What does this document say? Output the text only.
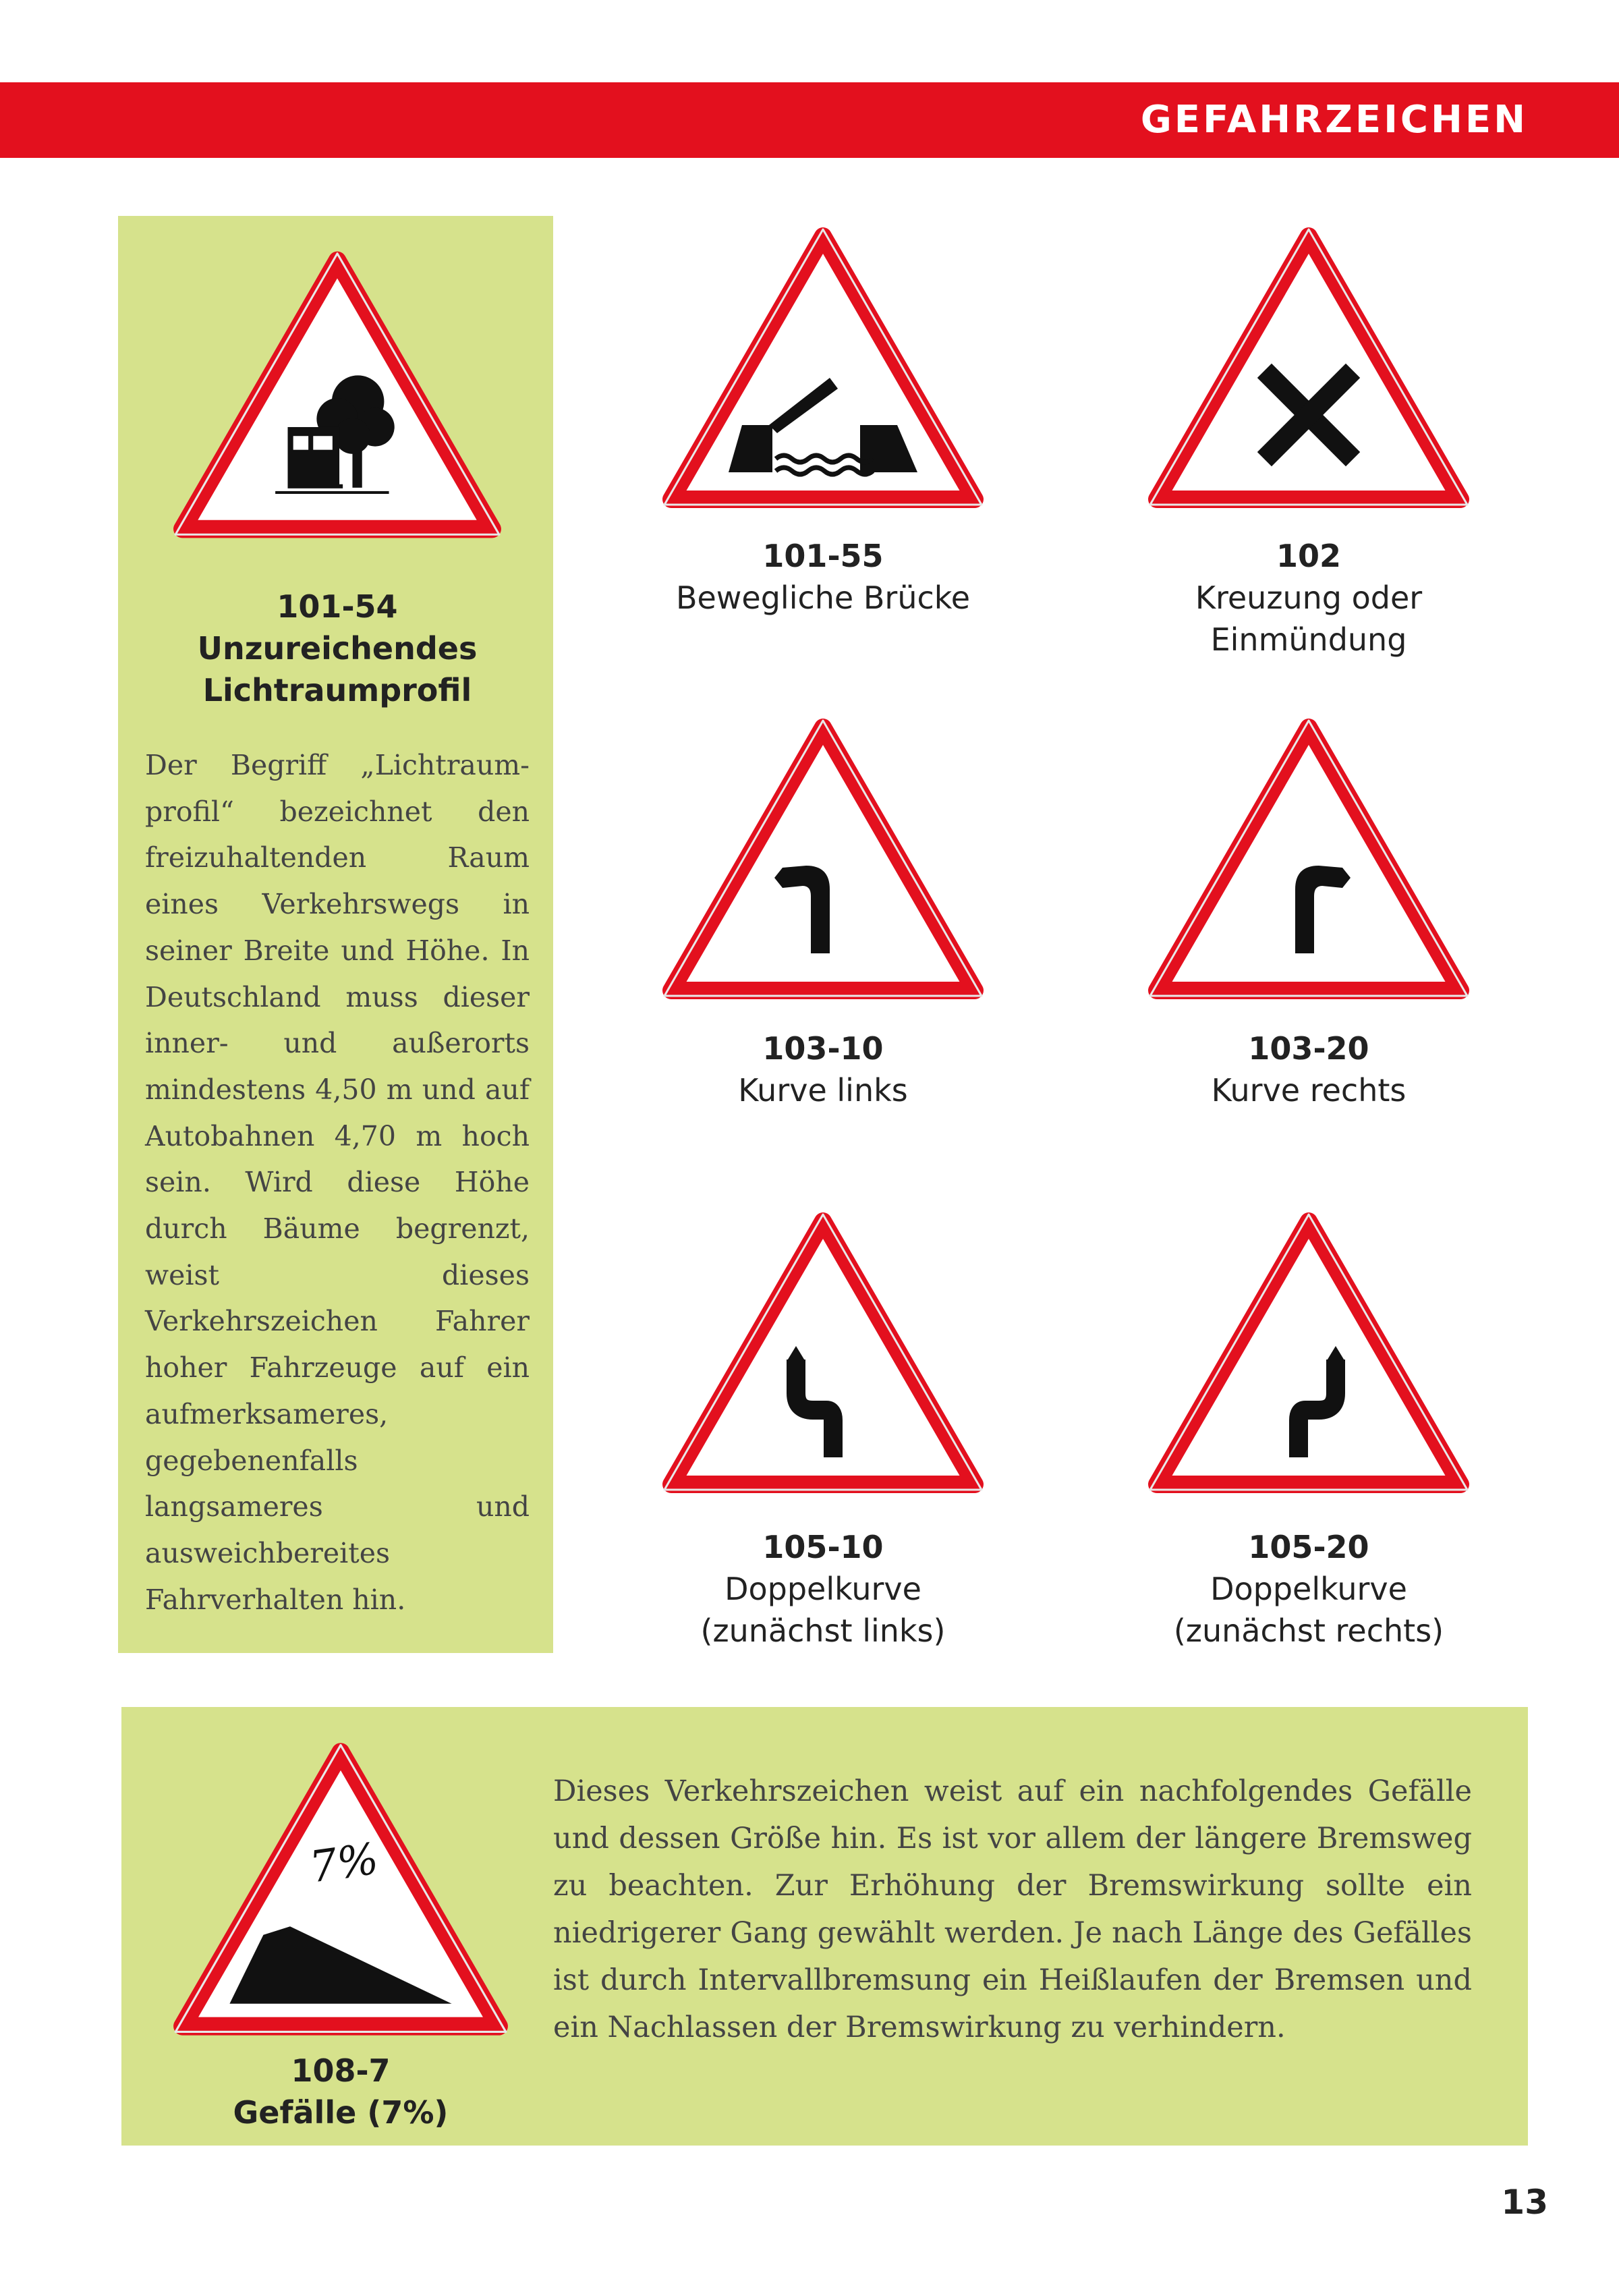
GEFAHRZEICHEN
101-54
Unzureichendes
Lichtraumprofil
Der Begriff „Lichtraum-profil“ bezeichnet den freizuhaltenden Raum eines Verkehrswegs in seiner Breite und Höhe. In Deutschland muss dieser inner- und außerorts mindestens 4,50 m und auf Autobahnen 4,70 m hoch sein. Wird diese Höhe durch Bäume begrenzt, weist dieses Verkehrszeichen Fahrer hoher Fahrzeuge auf ein aufmerksameres, gegebenenfalls langsameres und ausweichbereites Fahrverhalten hin.
101-55
Bewegliche Brücke
102
Kreuzung oder
Einmündung
103-10
Kurve links
103-20
Kurve rechts
105-10
Doppelkurve
(zunächst links)
105-20
Doppelkurve
(zunächst rechts)
7%
108-7
Gefälle (7%)
Dieses Verkehrszeichen weist auf ein nachfolgendes Gefälle und dessen Größe hin. Es ist vor allem der längere Bremsweg zu beachten. Zur Erhöhung der Bremswirkung sollte ein niedrigerer Gang gewählt werden. Je nach Länge des Gefälles ist durch Intervallbremsung ein Heißlaufen der Bremsen und ein Nachlassen der Bremswirkung zu verhindern.
13
